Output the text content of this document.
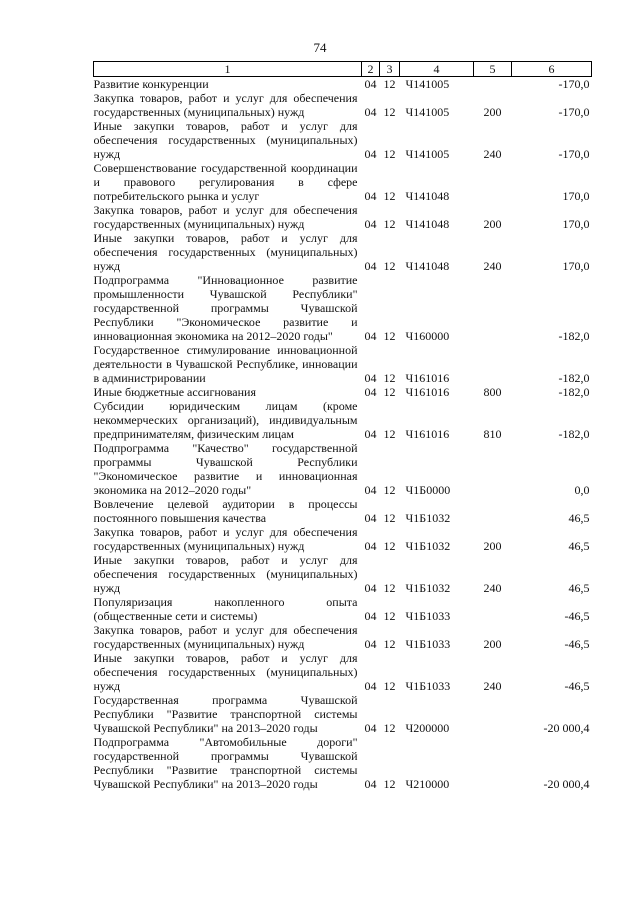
74
1	2	3	4	5	6
Развитие конкуренции	04	12	Ч141005		-170,0
Закупка товаров, работ и услуг для обеспечения государственных (муниципальных) нужд	04	12	Ч141005	200	-170,0
Иные закупки товаров, работ и услуг для обеспечения государственных (муниципальных) нужд	04	12	Ч141005	240	-170,0
Совершенствование государственной координации и правового регулирования в сфере потребительского рынка и услуг	04	12	Ч141048		170,0
Закупка товаров, работ и услуг для обеспечения государственных (муниципальных) нужд	04	12	Ч141048	200	170,0
Иные закупки товаров, работ и услуг для обеспечения государственных (муниципальных) нужд	04	12	Ч141048	240	170,0
Подпрограмма "Инновационное развитие промышленности Чувашской Республики" государственной программы Чувашской Республики "Экономическое развитие и инновационная экономика на 2012–2020 годы"	04	12	Ч160000		-182,0
Государственное стимулирование инновационной деятельности в Чувашской Республике, инновации в администрировании	04	12	Ч161016		-182,0
Иные бюджетные ассигнования	04	12	Ч161016	800	-182,0
Субсидии юридическим лицам (кроме некоммерческих организаций), индивидуальным предпринимателям, физическим лицам	04	12	Ч161016	810	-182,0
Подпрограмма "Качество" государственной программы Чувашской Республики "Экономическое развитие и инновационная экономика на 2012–2020 годы"	04	12	Ч1Б0000		0,0
Вовлечение целевой аудитории в процессы постоянного повышения качества	04	12	Ч1Б1032		46,5
Закупка товаров, работ и услуг для обеспечения государственных (муниципальных) нужд	04	12	Ч1Б1032	200	46,5
Иные закупки товаров, работ и услуг для обеспечения государственных (муниципальных) нужд	04	12	Ч1Б1032	240	46,5
Популяризация накопленного опыта (общественные сети и системы)	04	12	Ч1Б1033		-46,5
Закупка товаров, работ и услуг для обеспечения государственных (муниципальных) нужд	04	12	Ч1Б1033	200	-46,5
Иные закупки товаров, работ и услуг для обеспечения государственных (муниципальных) нужд	04	12	Ч1Б1033	240	-46,5
Государственная программа Чувашской Республики "Развитие транспортной системы Чувашской Республики" на 2013–2020 годы	04	12	Ч200000		-20 000,4
Подпрограмма "Автомобильные дороги" государственной программы Чувашской Республики "Развитие транспортной системы Чувашской Республики" на 2013–2020 годы	04	12	Ч210000		-20 000,4
